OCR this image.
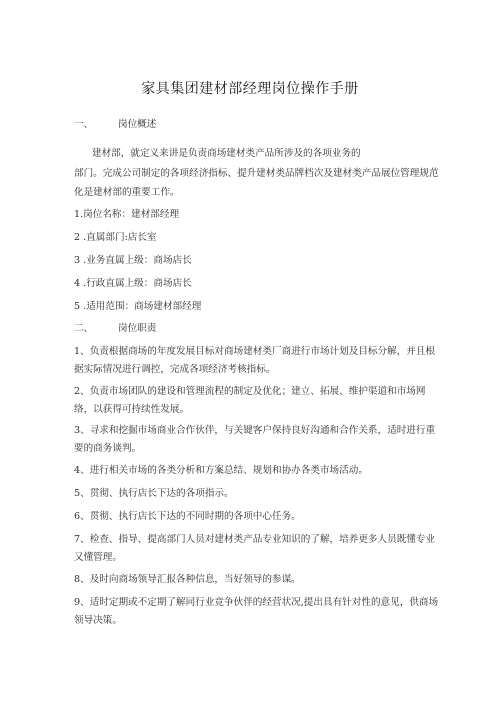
家具集团建材部经理岗位操作手册
一、	岗位概述
建材部，就定义来讲是负责商场建材类产品所涉及的各项业务的
部门。完成公司制定的各项经济指标、提升建材类品牌档次及建材类产品展位管理规范
化是建材部的重要工作。
1.岗位名称：建材部经理
2 .直属部门:店长室
3 .业务直属上级：商场店长
4 .行政直属上级：商场店长
5 .适用范围：商场建材部经理
二、	岗位职责
1、负责根据商场的年度发展目标对商场建材类厂商进行市场计划及目标分解，并且根
据实际情况进行调控，完成各项经济考核指标。
2、负责市场团队的建设和管理流程的制定及优化；建立、拓展、维护渠道和市场网
络，以获得可持续性发展。
3、寻求和挖掘市场商业合作伙伴，与关键客户保持良好沟通和合作关系，适时进行重
要的商务谈判。
4、进行相关市场的各类分析和方案总结、规划和协办各类市场活动。
5、贯彻、执行店长下达的各项指示。
6、贯彻、执行店长下达的不同时期的各项中心任务。
7、检查、指导、提高部门人员对建材类产品专业知识的了解，培养更多人员既懂专业
又懂管理。
8、及时向商场领导汇报各种信息，当好领导的参谋。
9、适时定期或不定期了解同行业竞争伙伴的经营状况,提出具有针对性的意见，供商场
领导决策。
